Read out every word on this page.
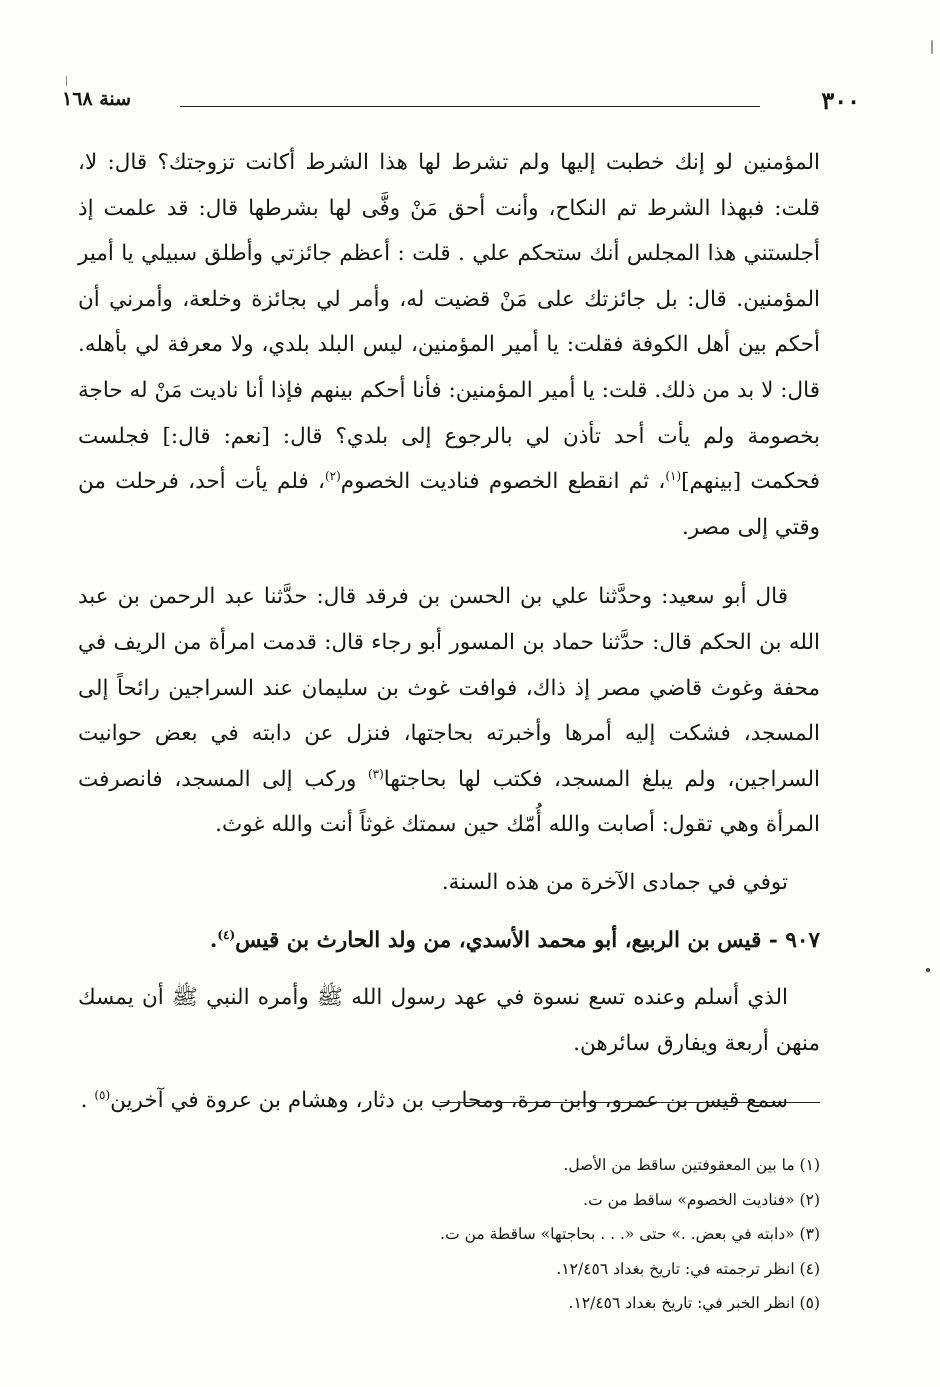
٣٠٠
سنة ١٦٨

المؤمنين لو إنك خطبت إليها ولم تشرط لها هذا الشرط أكانت تزوجتك؟ قال: لا، قلت: فبهذا الشرط تم النكاح، وأنت أحق مَنْ وفَّى لها بشرطها قال: قد علمت إذ أجلستني هذا المجلس أنك ستحكم علي . قلت : أعظم جائزتي وأطلق سبيلي يا أمير المؤمنين. قال: بل جائزتك على مَنْ قضيت له، وأمر لي بجائزة وخلعة، وأمرني أن أحكم بين أهل الكوفة فقلت: يا أمير المؤمنين، ليس البلد بلدي، ولا معرفة لي بأهله. قال: لا بد من ذلك. قلت: يا أمير المؤمنين: فأنا أحكم بينهم فإذا أنا ناديت مَنْ له حاجة بخصومة ولم يأت أحد تأذن لي بالرجوع إلى بلدي؟ قال: [نعم: قال:] فجلست فحكمت [بينهم]$^{(١)}$، ثم انقطع الخصوم فناديت الخصوم$^{(٢)}$، فلم يأت أحد، فرحلت من وقتي إلى مصر.

قال أبو سعيد: وحدَّثنا علي بن الحسن بن فرقد قال: حدَّثنا عبد الرحمن بن عبد الله بن الحكم قال: حدَّثنا حماد بن المسور أبو رجاء قال: قدمت امرأة من الريف في محفة وغوث قاضي مصر إذ ذاك، فوافت غوث بن سليمان عند السراجين رائحاً إلى المسجد، فشكت إليه أمرها وأخبرته بحاجتها، فنزل عن دابته في بعض حوانيت السراجين، ولم يبلغ المسجد، فكتب لها بحاجتها$^{(٣)}$ وركب إلى المسجد، فانصرفت المرأة وهي تقول: أصابت والله أُمّك حين سمتك غوثاً أنت والله غوث.

توفي في جمادى الآخرة من هذه السنة.

٩٠٧ - قيس بن الربيع، أبو محمد الأسدي، من ولد الحارث بن قيس$^{(٤)}$.

الذي أسلم وعنده تسع نسوة في عهد رسول الله ﷺ وأمره النبي ﷺ أن يمسك منهن أربعة ويفارق سائرهن.

سمع قيس بن عمرو، وابن مرة، ومحارب بن دثار، وهشام بن عروة في آخرين$^{(٥)}$ .

(١) ما بين المعقوفتين ساقط من الأصل.
(٢) «فناديت الخصوم» ساقط من ت.
(٣) «دابته في بعض. .» حتى «. . . بحاجتها» ساقطة من ت.
(٤) انظر ترجمته في: تاريخ بغداد ١٢/٤٥٦.
(٥) انظر الخبر في: تاريخ بغداد ١٢/٤٥٦.
